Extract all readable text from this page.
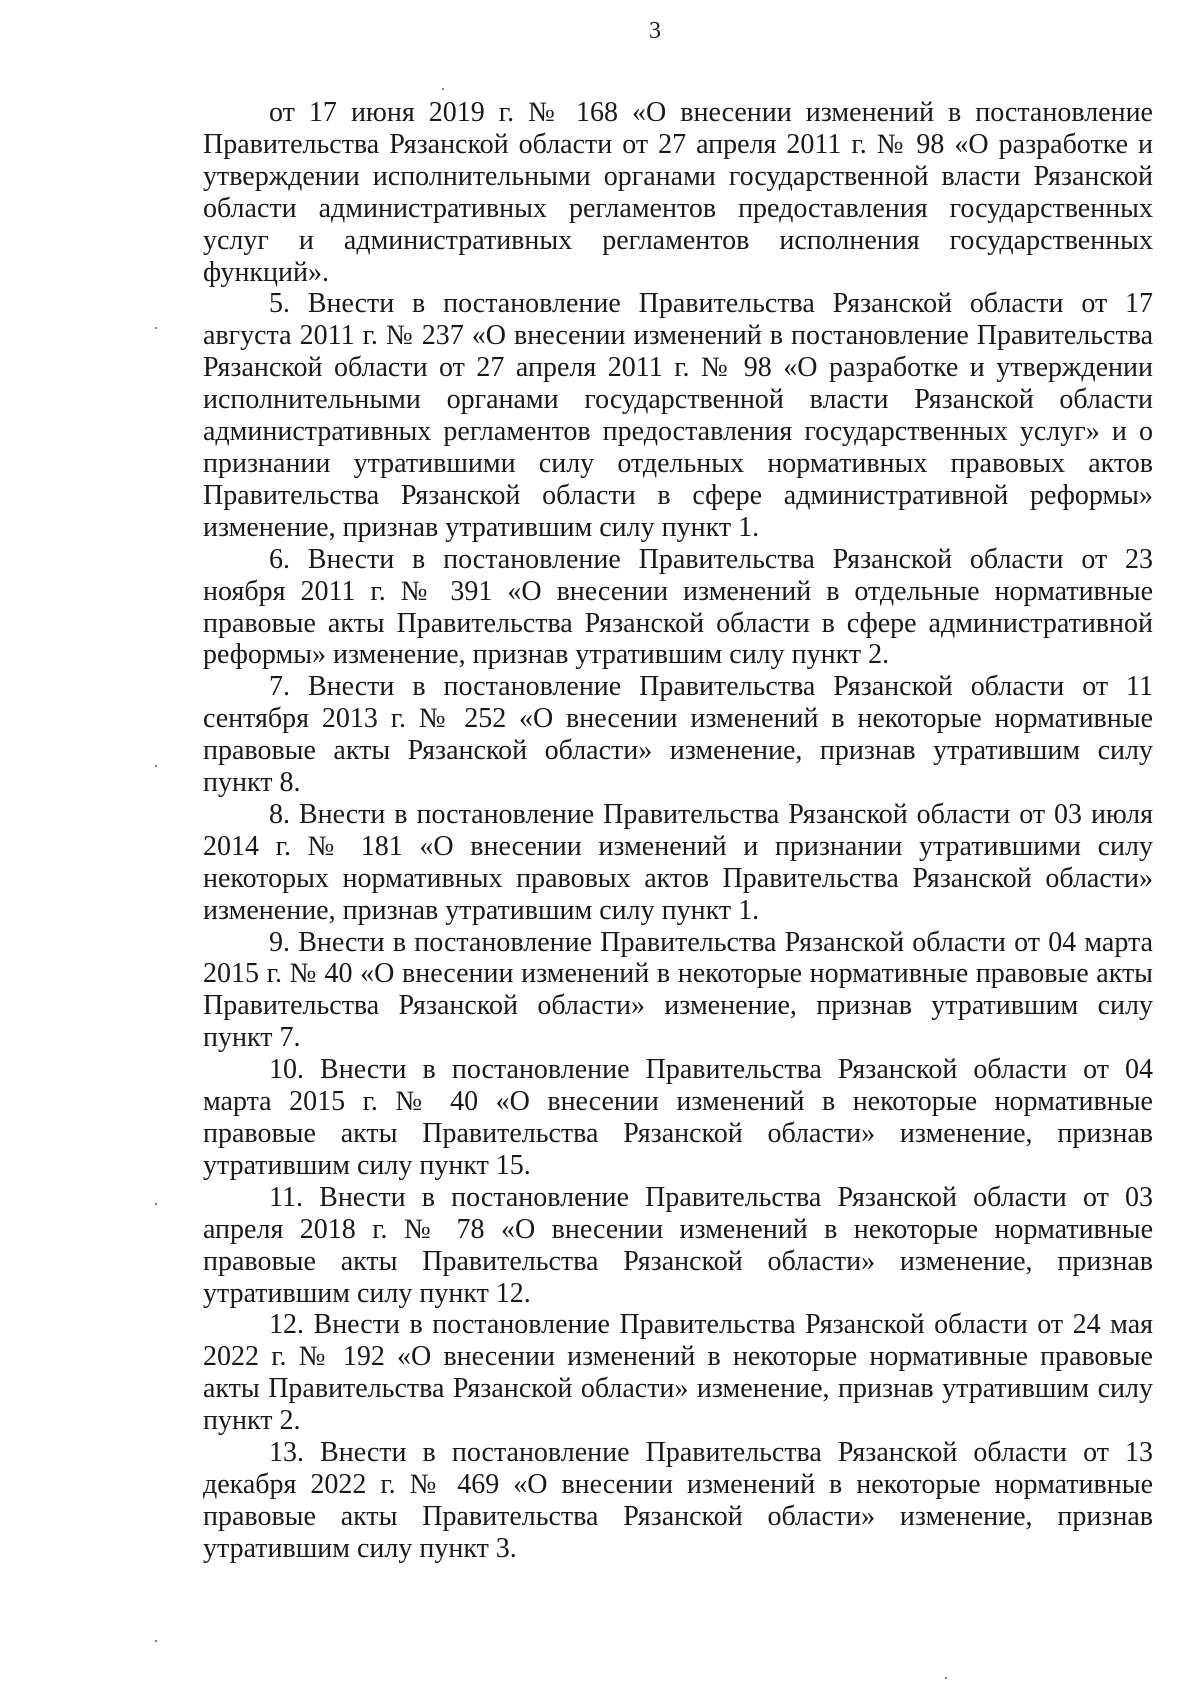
3

от 17 июня 2019 г. № 168 «О внесении изменений в постановление Правительства Рязанской области от 27 апреля 2011 г. № 98 «О разработке и утверждении исполнительными органами государственной власти Рязанской области административных регламентов предоставления государственных услуг и административных регламентов исполнения государственных функций».

5. Внести в постановление Правительства Рязанской области от 17 августа 2011 г. № 237 «О внесении изменений в постановление Правительства Рязанской области от 27 апреля 2011 г. № 98 «О разработке и утверждении исполнительными органами государственной власти Рязанской области административных регламентов предоставления государственных услуг» и о признании утратившими силу отдельных нормативных правовых актов Правительства Рязанской области в сфере административной реформы» изменение, признав утратившим силу пункт 1.

6. Внести в постановление Правительства Рязанской области от 23 ноября 2011 г. № 391 «О внесении изменений в отдельные нормативные правовые акты Правительства Рязанской области в сфере административной реформы» изменение, признав утратившим силу пункт 2.

7. Внести в постановление Правительства Рязанской области от 11 сентября 2013 г. № 252 «О внесении изменений в некоторые нормативные правовые акты Рязанской области» изменение, признав утратившим силу пункт 8.

8. Внести в постановление Правительства Рязанской области от 03 июля 2014 г. № 181 «О внесении изменений и признании утратившими силу некоторых нормативных правовых актов Правительства Рязанской области» изменение, признав утратившим силу пункт 1.

9. Внести в постановление Правительства Рязанской области от 04 марта 2015 г. № 40 «О внесении изменений в некоторые нормативные правовые акты Правительства Рязанской области» изменение, признав утратившим силу пункт 7.

10. Внести в постановление Правительства Рязанской области от 04 марта 2015 г. № 40 «О внесении изменений в некоторые нормативные правовые акты Правительства Рязанской области» изменение, признав утратившим силу пункт 15.

11. Внести в постановление Правительства Рязанской области от 03 апреля 2018 г. № 78 «О внесении изменений в некоторые нормативные правовые акты Правительства Рязанской области» изменение, признав утратившим силу пункт 12.

12. Внести в постановление Правительства Рязанской области от 24 мая 2022 г. № 192 «О внесении изменений в некоторые нормативные правовые акты Правительства Рязанской области» изменение, признав утратившим силу пункт 2.

13. Внести в постановление Правительства Рязанской области от 13 декабря 2022 г. № 469 «О внесении изменений в некоторые нормативные правовые акты Правительства Рязанской области» изменение, признав утратившим силу пункт 3.
